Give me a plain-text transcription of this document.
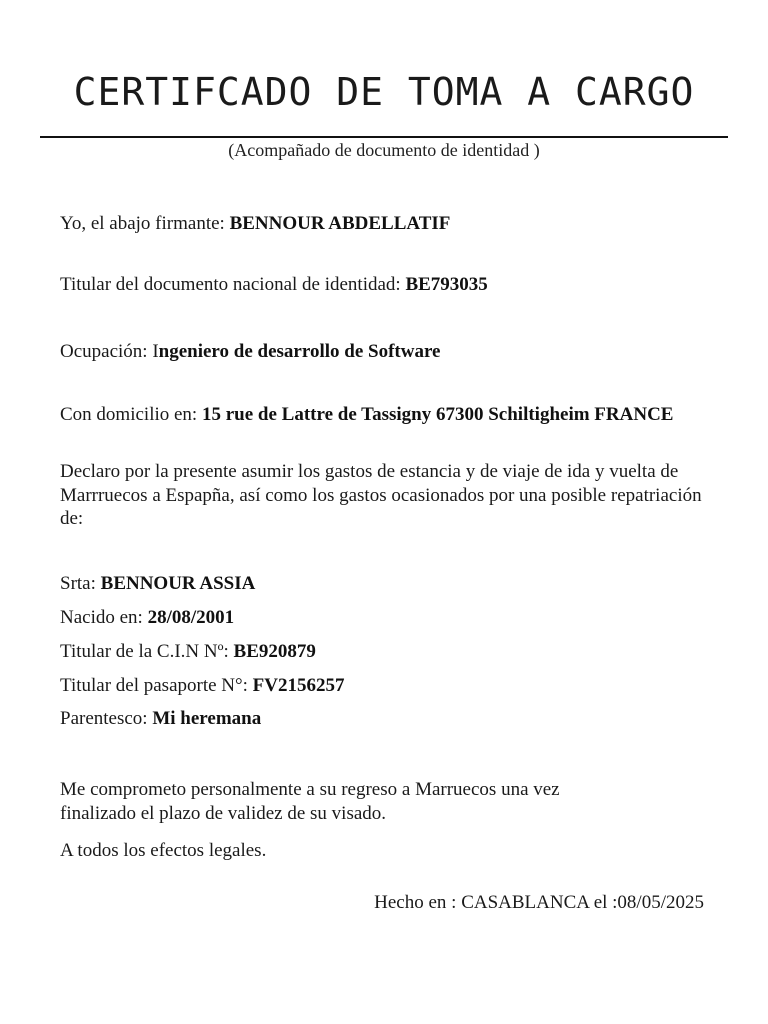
CERTIFCADO DE TOMA A CARGO
(Acompañado de documento de identidad )
Yo, el abajo firmante: BENNOUR ABDELLATIF
Titular del documento nacional de identidad: BE793035
Ocupación: Ingeniero de desarrollo de Software
Con domicilio en: 15 rue de Lattre de Tassigny 67300 Schiltigheim FRANCE
Declaro por la presente asumir los gastos de estancia y de viaje de ida y vuelta de Marrruecos a Espapña, así como los gastos ocasionados por una posible repatriación de:
Srta: BENNOUR ASSIA
Nacido en: 28/08/2001
Titular de la C.I.N Nº: BE920879
Titular del pasaporte N°: FV2156257
Parentesco: Mi heremana
Me comprometo personalmente a su regreso a Marruecos una vez finalizado el plazo de validez de su visado.
A todos los efectos legales.
Hecho en : CASABLANCA el :08/05/2025
